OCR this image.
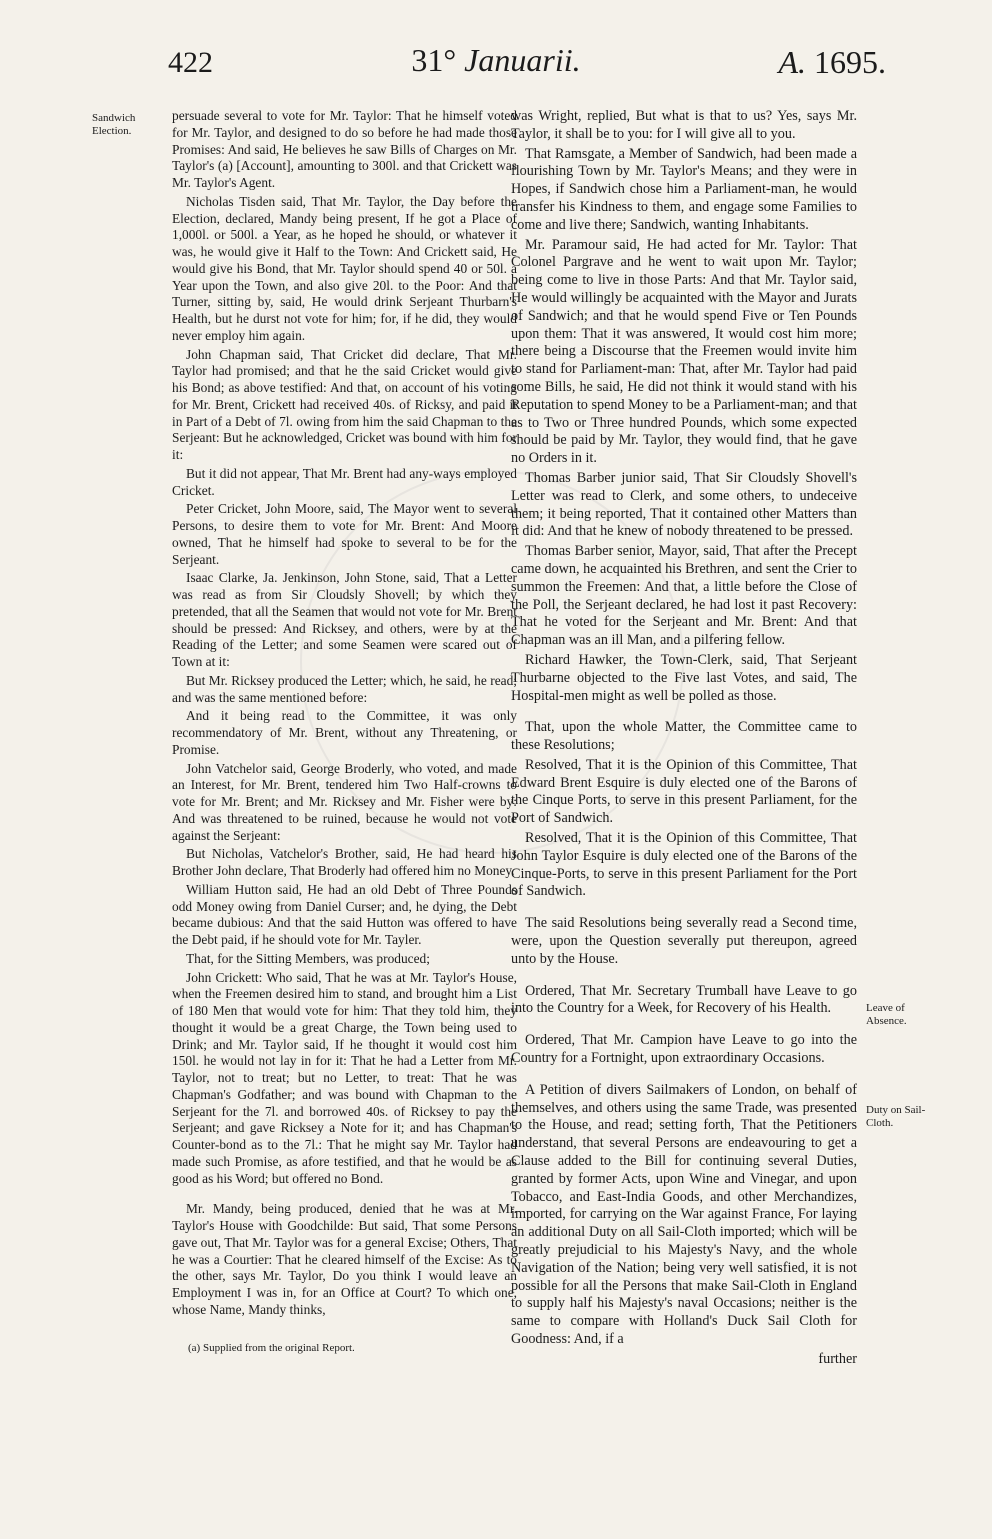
422	31° Januarii.	A. 1695.
Sandwich Election.
Leave of Absence.
Duty on Sail-Cloth.

persuade several to vote for Mr. Taylor: That he himself voted for Mr. Taylor, and designed to do so before he had made those Promises: And said, He believes he saw Bills of Charges on Mr. Taylor's (a) [Account], amounting to 300l. and that Crickett was Mr. Taylor's Agent.

Nicholas Tisden said, That Mr. Taylor, the Day before the Election, declared, Mandy being present, If he got a Place of 1,000l. or 500l. a Year, as he hoped he should, or whatever it was, he would give it Half to the Town: And Crickett said, He would give his Bond, that Mr. Taylor should spend 40 or 50l. a Year upon the Town, and also give 20l. to the Poor: And that Turner, sitting by, said, He would drink Serjeant Thurbarn's Health, but he durst not vote for him; for, if he did, they would never employ him again.

John Chapman said, That Cricket did declare, That Mr. Taylor had promised; and that he the said Cricket would give his Bond; as above testified: And that, on account of his voting for Mr. Brent, Crickett had received 40s. of Ricksy, and paid it in Part of a Debt of 7l. owing from him the said Chapman to the Serjeant: But he acknowledged, Cricket was bound with him for it:

But it did not appear, That Mr. Brent had any-ways employed Cricket.

Peter Cricket, John Moore, said, The Mayor went to several Persons, to desire them to vote for Mr. Brent: And Moore owned, That he himself had spoke to several to be for the Serjeant.

Isaac Clarke, Ja. Jenkinson, John Stone, said, That a Letter was read as from Sir Cloudsly Shovell; by which they pretended, that all the Seamen that would not vote for Mr. Brent should be pressed: And Ricksey, and others, were by at the Reading of the Letter; and some Seamen were scared out of Town at it:

But Mr. Ricksey produced the Letter; which, he said, he read; and was the same mentioned before:

And it being read to the Committee, it was only recommendatory of Mr. Brent, without any Threatening, or Promise.

John Vatchelor said, George Broderly, who voted, and made an Interest, for Mr. Brent, tendered him Two Half-crowns to vote for Mr. Brent; and Mr. Ricksey and Mr. Fisher were by: And was threatened to be ruined, because he would not vote against the Serjeant:

But Nicholas, Vatchelor's Brother, said, He had heard his Brother John declare, That Broderly had offered him no Money.

William Hutton said, He had an old Debt of Three Pounds odd Money owing from Daniel Curser; and, he dying, the Debt became dubious: And that the said Hutton was offered to have the Debt paid, if he should vote for Mr. Tayler.

That, for the Sitting Members, was produced;

John Crickett: Who said, That he was at Mr. Taylor's House, when the Freemen desired him to stand, and brought him a List of 180 Men that would vote for him: That they told him, they thought it would be a great Charge, the Town being used to Drink; and Mr. Taylor said, If he thought it would cost him 150l. he would not lay in for it: That he had a Letter from Mr. Taylor, not to treat; but no Letter, to treat: That he was Chapman's Godfather; and was bound with Chapman to the Serjeant for the 7l. and borrowed 40s. of Ricksey to pay the Serjeant; and gave Ricksey a Note for it; and has Chapman's Counter-bond as to the 7l.: That he might say Mr. Taylor had made such Promise, as afore testified, and that he would be as good as his Word; but offered no Bond.

Mr. Mandy, being produced, denied that he was at Mr. Taylor's House with Goodchilde: But said, That some Persons gave out, That Mr. Taylor was for a general Excise; Others, That he was a Courtier: That he cleared himself of the Excise: As to the other, says Mr. Taylor, Do you think I would leave an Employment I was in, for an Office at Court? To which one, whose Name, Mandy thinks,

was Wright, replied, But what is that to us? Yes, says Mr. Taylor, it shall be to you: for I will give all to you.

That Ramsgate, a Member of Sandwich, had been made a flourishing Town by Mr. Taylor's Means; and they were in Hopes, if Sandwich chose him a Parliament-man, he would transfer his Kindness to them, and engage some Families to come and live there; Sandwich, wanting Inhabitants.

Mr. Paramour said, He had acted for Mr. Taylor: That Colonel Pargrave and he went to wait upon Mr. Taylor; being come to live in those Parts: And that Mr. Taylor said, He would willingly be acquainted with the Mayor and Jurats of Sandwich; and that he would spend Five or Ten Pounds upon them: That it was answered, It would cost him more; there being a Discourse that the Freemen would invite him to stand for Parliament-man: That, after Mr. Taylor had paid some Bills, he said, He did not think it would stand with his Reputation to spend Money to be a Parliament-man; and that as to Two or Three hundred Pounds, which some expected should be paid by Mr. Taylor, they would find, that he gave no Orders in it.

Thomas Barber junior said, That Sir Cloudsly Shovell's Letter was read to Clerk, and some others, to undeceive them; it being reported, That it contained other Matters than it did: And that he knew of nobody threatened to be pressed.

Thomas Barber senior, Mayor, said, That after the Precept came down, he acquainted his Brethren, and sent the Crier to summon the Freemen: And that, a little before the Close of the Poll, the Serjeant declared, he had lost it past Recovery: That he voted for the Serjeant and Mr. Brent: And that Chapman was an ill Man, and a pilfering fellow.

Richard Hawker, the Town-Clerk, said, That Serjeant Thurbarne objected to the Five last Votes, and said, The Hospital-men might as well be polled as those.

That, upon the whole Matter, the Committee came to these Resolutions;

Resolved, That it is the Opinion of this Committee, That Edward Brent Esquire is duly elected one of the Barons of the Cinque Ports, to serve in this present Parliament, for the Port of Sandwich.

Resolved, That it is the Opinion of this Committee, That John Taylor Esquire is duly elected one of the Barons of the Cinque-Ports, to serve in this present Parliament for the Port of Sandwich.

The said Resolutions being severally read a Second time, were, upon the Question severally put thereupon, agreed unto by the House.

Ordered, That Mr. Secretary Trumball have Leave to go into the Country for a Week, for Recovery of his Health.

Ordered, That Mr. Campion have Leave to go into the Country for a Fortnight, upon extraordinary Occasions.

A Petition of divers Sailmakers of London, on behalf of themselves, and others using the same Trade, was presented to the House, and read; setting forth, That the Petitioners understand, that several Persons are endeavouring to get a Clause added to the Bill for continuing several Duties, granted by former Acts, upon Wine and Vinegar, and upon Tobacco, and East-India Goods, and other Merchandizes, imported, for carrying on the War against France, For laying an additional Duty on all Sail-Cloth imported; which will be greatly prejudicial to his Majesty's Navy, and the whole Navigation of the Nation; being very well satisfied, it is not possible for all the Persons that make Sail-Cloth in England to supply half his Majesty's naval Occasions; neither is the same to compare with Holland's Duck Sail Cloth for Goodness: And, if a

further

(a) Supplied from the original Report.
